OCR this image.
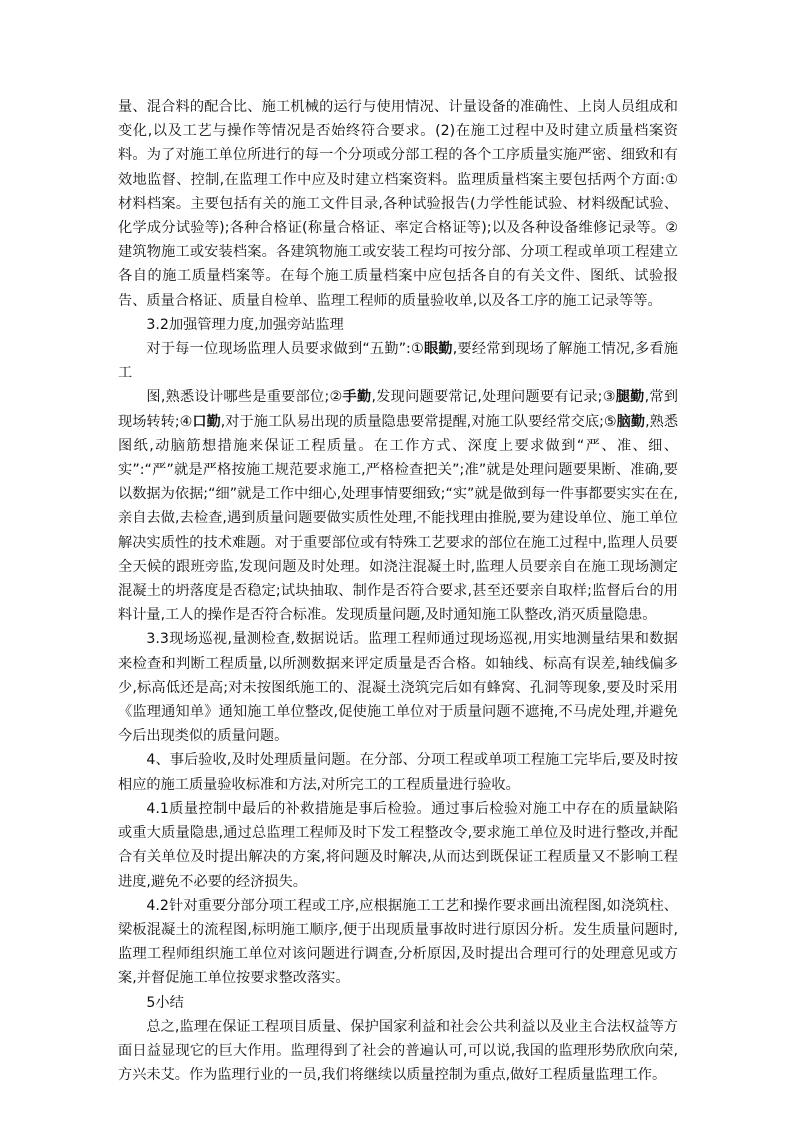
量、混合料的配合比、施工机械的运行与使用情况、计量设备的准确性、上岗人员组成和变化,以及工艺与操作等情况是否始终符合要求。(2)在施工过程中及时建立质量档案资料。为了对施工单位所进行的每一个分项或分部工程的各个工序质量实施严密、细致和有效地监督、控制,在监理工作中应及时建立档案资料。监理质量档案主要包括两个方面:①材料档案。主要包括有关的施工文件目录,各种试验报告(力学性能试验、材料级配试验、化学成分试验等);各种合格证(称量合格证、率定合格证等);以及各种设备维修记录等。②建筑物施工或安装档案。各建筑物施工或安装工程均可按分部、分项工程或单项工程建立各自的施工质量档案等。在每个施工质量档案中应包括各自的有关文件、图纸、试验报告、质量合格证、质量自检单、监理工程师的质量验收单,以及各工序的施工记录等等。

3.2加强管理力度,加强旁站监理

对于每一位现场监理人员要求做到“五勤”:①眼勤,要经常到现场了解施工情况,多看施工

图,熟悉设计哪些是重要部位;②手勤,发现问题要常记,处理问题要有记录;③腿勤,常到现场转转;④口勤,对于施工队易出现的质量隐患要常提醒,对施工队要经常交底;⑤脑勤,熟悉图纸,动脑筋想措施来保证工程质量。在工作方式、深度上要求做到“严、准、细、实”:“严”就是严格按施工规范要求施工,严格检查把关”;准”就是处理问题要果断、准确,要以数据为依据;“细”就是工作中细心,处理事情要细致;“实”就是做到每一件事都要实实在在,亲自去做,去检查,遇到质量问题要做实质性处理,不能找理由推脱,要为建设单位、施工单位解决实质性的技术难题。对于重要部位或有特殊工艺要求的部位在施工过程中,监理人员要全天候的跟班旁监,发现问题及时处理。如浇注混凝土时,监理人员要亲自在施工现场测定混凝土的坍落度是否稳定;试块抽取、制作是否符合要求,甚至还要亲自取样;监督后台的用料计量,工人的操作是否符合标准。发现质量问题,及时通知施工队整改,消灭质量隐患。

3.3现场巡视,量测检查,数据说话。监理工程师通过现场巡视,用实地测量结果和数据来检查和判断工程质量,以所测数据来评定质量是否合格。如轴线、标高有误差,轴线偏多少,标高低还是高;对未按图纸施工的、混凝土浇筑完后如有蜂窝、孔洞等现象,要及时采用《监理通知单》通知施工单位整改,促使施工单位对于质量问题不遮掩,不马虎处理,并避免今后出现类似的质量问题。

4、事后验收,及时处理质量问题。在分部、分项工程或单项工程施工完毕后,要及时按相应的施工质量验收标准和方法,对所完工的工程质量进行验收。

4.1质量控制中最后的补救措施是事后检验。通过事后检验对施工中存在的质量缺陷或重大质量隐患,通过总监理工程师及时下发工程整改令,要求施工单位及时进行整改,并配合有关单位及时提出解决的方案,将问题及时解决,从而达到既保证工程质量又不影响工程进度,避免不必要的经济损失。

4.2针对重要分部分项工程或工序,应根据施工工艺和操作要求画出流程图,如浇筑柱、梁板混凝土的流程图,标明施工顺序,便于出现质量事故时进行原因分析。发生质量问题时,监理工程师组织施工单位对该问题进行调查,分析原因,及时提出合理可行的处理意见或方案,并督促施工单位按要求整改落实。

5小结

总之,监理在保证工程项目质量、保护国家利益和社会公共利益以及业主合法权益等方面日益显现它的巨大作用。监理得到了社会的普遍认可,可以说,我国的监理形势欣欣向荣,方兴未艾。作为监理行业的一员,我们将继续以质量控制为重点,做好工程质量监理工作。
